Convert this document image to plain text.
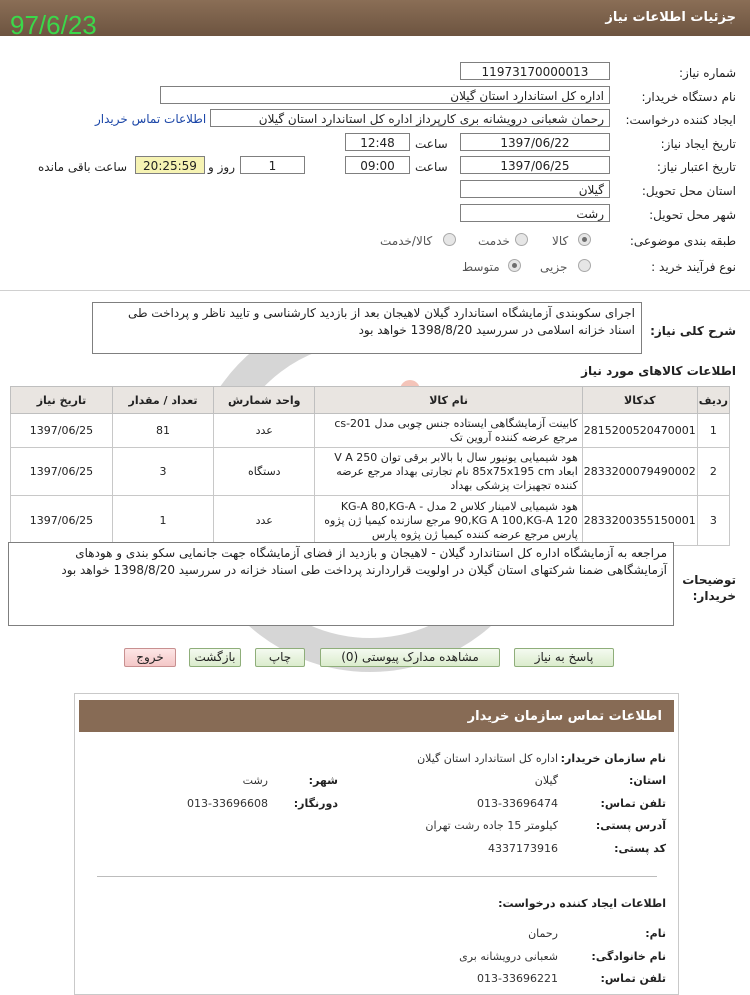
جزئیات اطلاعات نیاز
97/6/23
شماره نیاز:
11973170000013
نام دستگاه خریدار:
اداره کل استاندارد استان گیلان
ایجاد کننده درخواست:
رحمان شعبانی درویشانه بری کارپرداز اداره کل استاندارد استان گیلان
اطلاعات تماس خریدار
تاریخ ایجاد نیاز:
1397/06/22
ساعت
12:48
تاریخ اعتبار نیاز:
1397/06/25
ساعت
09:00
1
روز و
20:25:59
ساعت باقی مانده
استان محل تحویل:
گیلان
شهر محل تحویل:
رشت
طبقه بندی موضوعی:
کالا
خدمت
کالا/خدمت
نوع فرآیند خرید :
جزیی
متوسط
شرح کلی نیاز:
اجرای سکوبندی آزمایشگاه استاندارد گیلان لاهیجان بعد از بازدید کارشناسی و تایید ناظر و پرداخت طی اسناد خزانه اسلامی در سررسید 1398/8/20 خواهد بود
اطلاعات کالاهای مورد نیاز
ردیف	کدکالا	نام کالا	واحد شمارش	تعداد / مقدار	تاریخ نیاز
1	2815200520470001	کابینت آزمایشگاهی ایستاده جنس چوبی مدل cs-201 مرجع عرضه کننده آروین تک	عدد	81	1397/06/25
2	2833200079490002	هود شیمیایی یونیور سال با بالابر برقی توان 250 V A ابعاد 85x75x195 cm نام تجارتی بهداد مرجع عرضه کننده تجهیزات پزشکی بهداد	دستگاه	3	1397/06/25
3	2833200355150001	هود شیمیایی لامینار کلاس 2 مدل - KG-A 80,KG-A 90,KG A 100,KG-A 120 مرجع سازنده کیمیا ژن پژوه پارس مرجع عرضه کننده کیمیا ژن پژوه پارس	عدد	1	1397/06/25
توضیحات خریدار:
مراجعه به آزمایشگاه اداره کل استاندارد گیلان - لاهیجان و بازدید از فضای آزمایشگاه جهت جانمایی سکو بندی و هودهای آزمایشگاهی ضمنا شرکتهای استان گیلان در اولویت قراردارند پرداخت طی اسناد خزانه در سررسید 1398/8/20 خواهد بود
پاسخ به نیاز
مشاهده مدارک پیوستی (0)
چاپ
بازگشت
خروج
اطلاعات تماس سازمان خریدار
نام سازمان خریدار:
اداره کل استاندارد استان گیلان
استان:
گیلان
شهر:
رشت
تلفن تماس:
013-33696474
دورنگار:
013-33696608
آدرس پستی:
کیلومتر 15 جاده رشت تهران
کد پستی:
4337173916
اطلاعات ایجاد کننده درخواست:
نام:
رحمان
نام خانوادگی:
شعبانی درویشانه بری
تلفن تماس:
013-33696221
